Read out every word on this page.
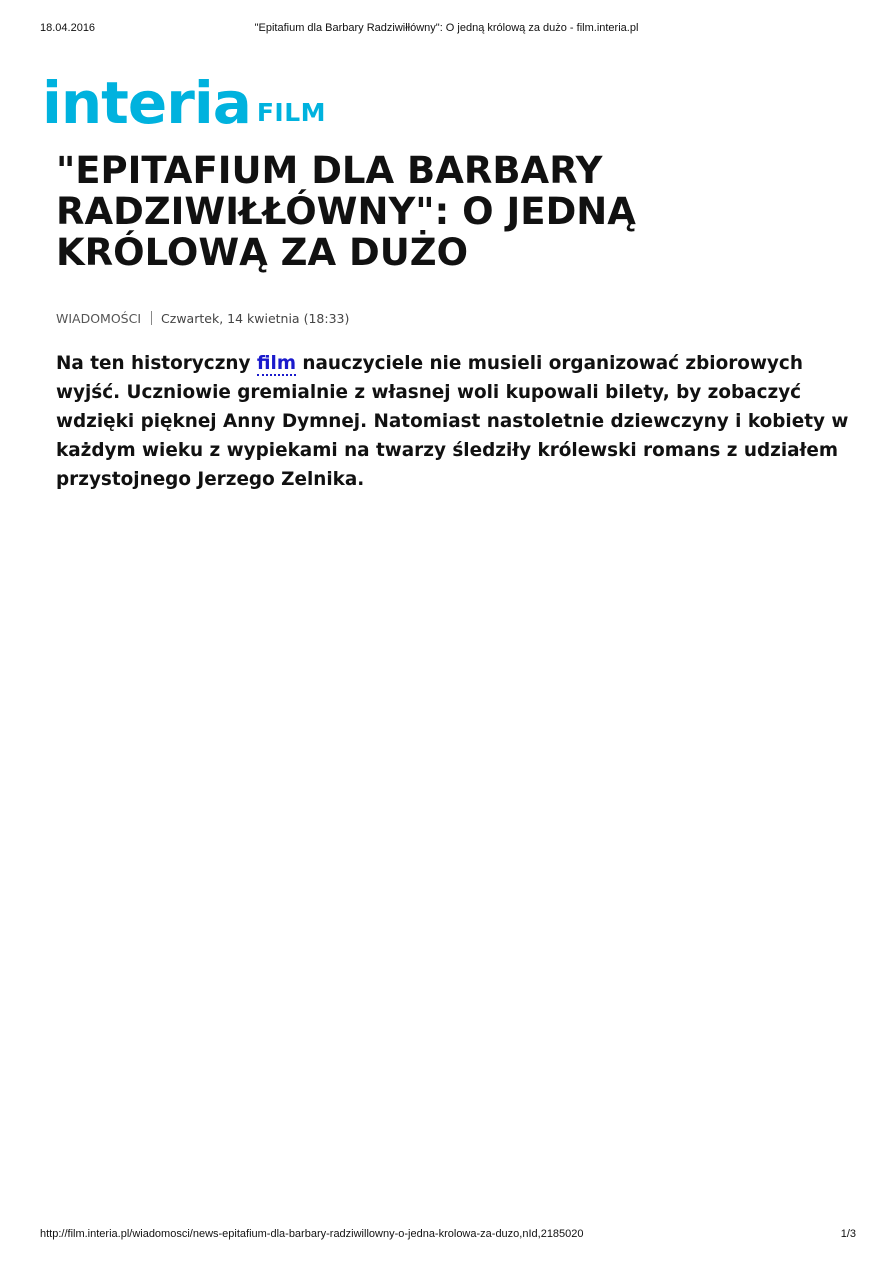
18.04.2016	"Epitafium dla Barbary Radziwiłłówny": O jedną królową za dużo - film.interia.pl
interia FILM
"EPITAFIUM DLA BARBARY RADZIWIŁŁÓWNY": O JEDNĄ KRÓLOWĄ ZA DUŻO
WIADOMOŚCI Czwartek, 14 kwietnia (18:33)

Na ten historyczny film nauczyciele nie musieli organizować zbiorowych wyjść. Uczniowie gremialnie z własnej woli kupowali bilety, by zobaczyć wdzięki pięknej Anny Dymnej. Natomiast nastoletnie dziewczyny i kobiety w każdym wieku z wypiekami na twarzy śledziły królewski romans z udziałem przystojnego Jerzego Zelnika.

http://film.interia.pl/wiadomosci/news-epitafium-dla-barbary-radziwillowny-o-jedna-krolowa-za-duzo,nId,2185020	1/3
